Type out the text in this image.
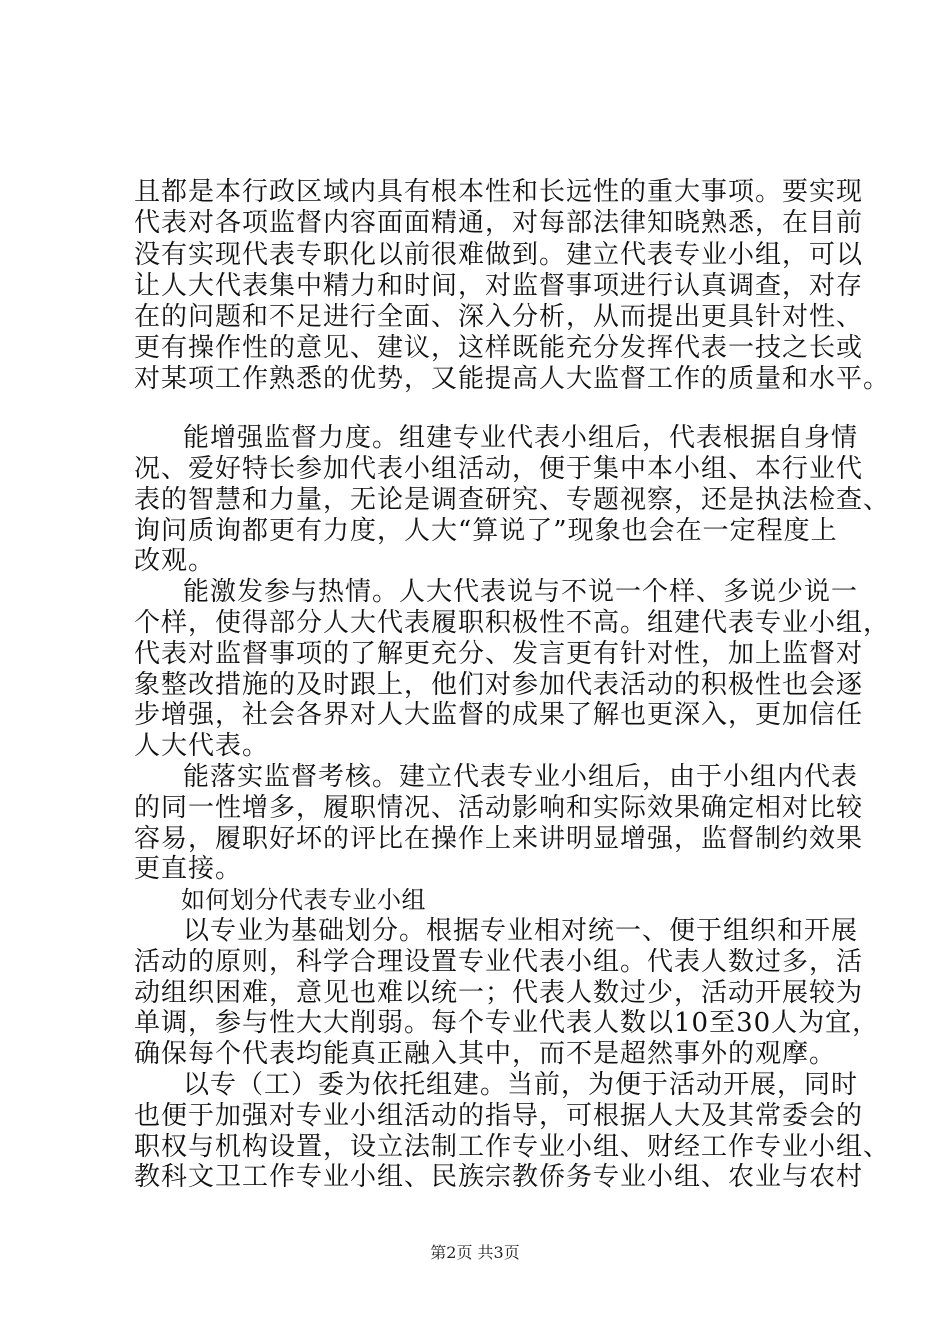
且都是本行政区域内具有根本性和长远性的重大事项。要实现
代表对各项监督内容面面精通，对每部法律知晓熟悉，在目前
没有实现代表专职化以前很难做到。建立代表专业小组，可以
让人大代表集中精力和时间，对监督事项进行认真调查，对存
在的问题和不足进行全面、深入分析，从而提出更具针对性、
更有操作性的意见、建议，这样既能充分发挥代表一技之长或
对某项工作熟悉的优势，又能提高人大监督工作的质量和水平。
能增强监督力度。组建专业代表小组后，代表根据自身情
况、爱好特长参加代表小组活动，便于集中本小组、本行业代
表的智慧和力量，无论是调查研究、专题视察，还是执法检查、
询问质询都更有力度，人大“算说了”现象也会在一定程度上
改观。
能激发参与热情。人大代表说与不说一个样、多说少说一
个样，使得部分人大代表履职积极性不高。组建代表专业小组，
代表对监督事项的了解更充分、发言更有针对性，加上监督对
象整改措施的及时跟上，他们对参加代表活动的积极性也会逐
步增强，社会各界对人大监督的成果了解也更深入，更加信任
人大代表。
能落实监督考核。建立代表专业小组后，由于小组内代表
的同一性增多，履职情况、活动影响和实际效果确定相对比较
容易，履职好坏的评比在操作上来讲明显增强，监督制约效果
更直接。
如何划分代表专业小组
以专业为基础划分。根据专业相对统一、便于组织和开展
活动的原则，科学合理设置专业代表小组。代表人数过多，活
动组织困难，意见也难以统一；代表人数过少，活动开展较为
单调，参与性大大削弱。每个专业代表人数以10至30人为宜，
确保每个代表均能真正融入其中，而不是超然事外的观摩。
以专（工）委为依托组建。当前，为便于活动开展，同时
也便于加强对专业小组活动的指导，可根据人大及其常委会的
职权与机构设置，设立法制工作专业小组、财经工作专业小组、
教科文卫工作专业小组、民族宗教侨务专业小组、农业与农村
第2页 共3页
